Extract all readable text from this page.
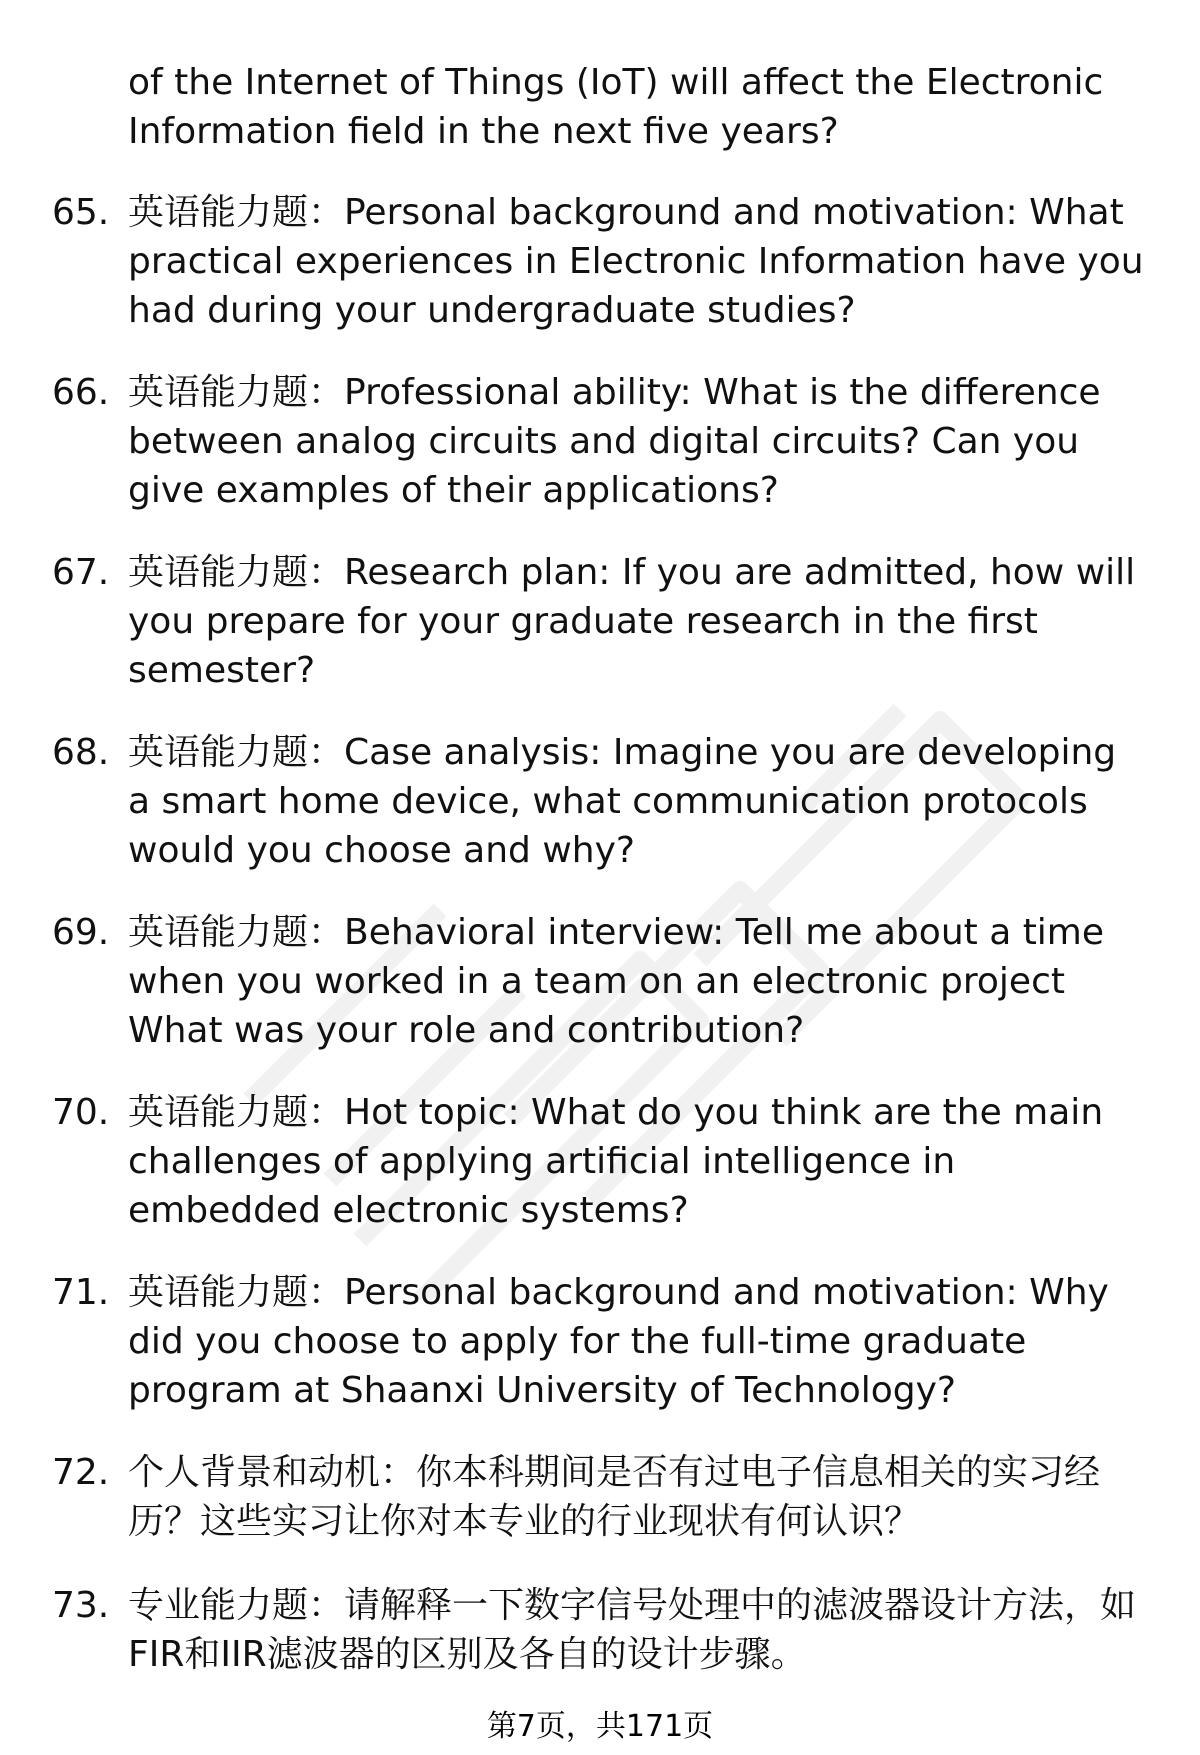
of the Internet of Things (IoT) will affect the Electronic Information field in the next five years?
65. 英语能力题：Personal background and motivation: What practical experiences in Electronic Information have you had during your undergraduate studies?
66. 英语能力题：Professional ability: What is the difference between analog circuits and digital circuits? Can you give examples of their applications?
67. 英语能力题：Research plan: If you are admitted, how will you prepare for your graduate research in the first semester?
68. 英语能力题：Case analysis: Imagine you are developing a smart home device, what communication protocols would you choose and why?
69. 英语能力题：Behavioral interview: Tell me about a time when you worked in a team on an electronic project What was your role and contribution?
70. 英语能力题：Hot topic: What do you think are the main challenges of applying artificial intelligence in embedded electronic systems?
71. 英语能力题：Personal background and motivation: Why did you choose to apply for the full-time graduate program at Shaanxi University of Technology?
72. 个人背景和动机：你本科期间是否有过电子信息相关的实习经历？这些实习让你对本专业的行业现状有何认识？
73. 专业能力题：请解释一下数字信号处理中的滤波器设计方法，如FIR和IIR滤波器的区别及各自的设计步骤。
第7页，共171页
